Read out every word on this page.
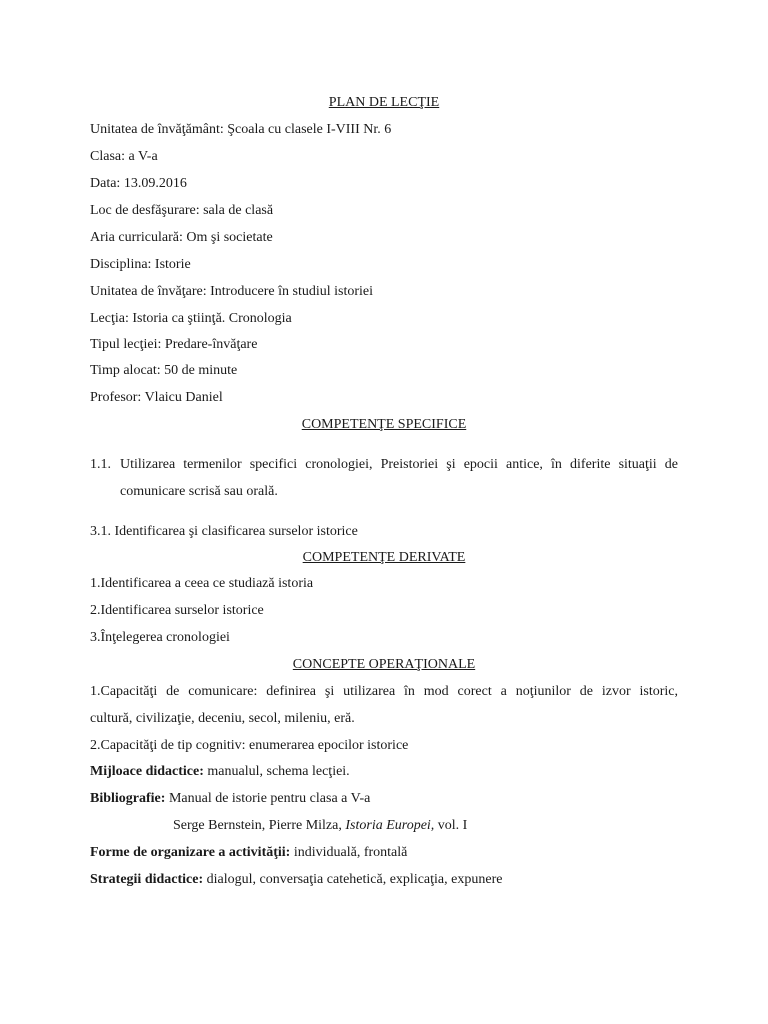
PLAN DE LECŢIE
Unitatea de învăţământ: Şcoala cu clasele I-VIII Nr. 6
Clasa: a V-a
Data: 13.09.2016
Loc de desfăşurare: sala de clasă
Aria curriculară: Om şi societate
Disciplina: Istorie
Unitatea de învăţare: Introducere în studiul istoriei
Lecţia: Istoria ca ştiinţă. Cronologia
Tipul lecţiei: Predare-învăţare
Timp alocat: 50 de minute
Profesor: Vlaicu Daniel
COMPETENŢE SPECIFICE
1.1. Utilizarea termenilor specifici cronologiei, Preistoriei şi epocii antice, în diferite situaţii de
comunicare scrisă sau orală.
3.1. Identificarea şi clasificarea surselor istorice
COMPETENŢE DERIVATE
1.Identificarea a ceea ce studiază istoria
2.Identificarea surselor istorice
3.Înţelegerea cronologiei
CONCEPTE OPERAŢIONALE
1.Capacităţi de comunicare: definirea şi utilizarea în mod corect a noţiunilor de izvor istoric,
cultură, civilizaţie, deceniu, secol, mileniu, eră.
2.Capacităţi de tip cognitiv: enumerarea epocilor istorice
Mijloace didactice: manualul, schema lecţiei.
Bibliografie: Manual de istorie pentru clasa a V-a
Serge Bernstein, Pierre Milza, Istoria Europei, vol. I
Forme de organizare a activităţii: individuală, frontală
Strategii didactice: dialogul, conversaţia catehetică, explicaţia, expunere
